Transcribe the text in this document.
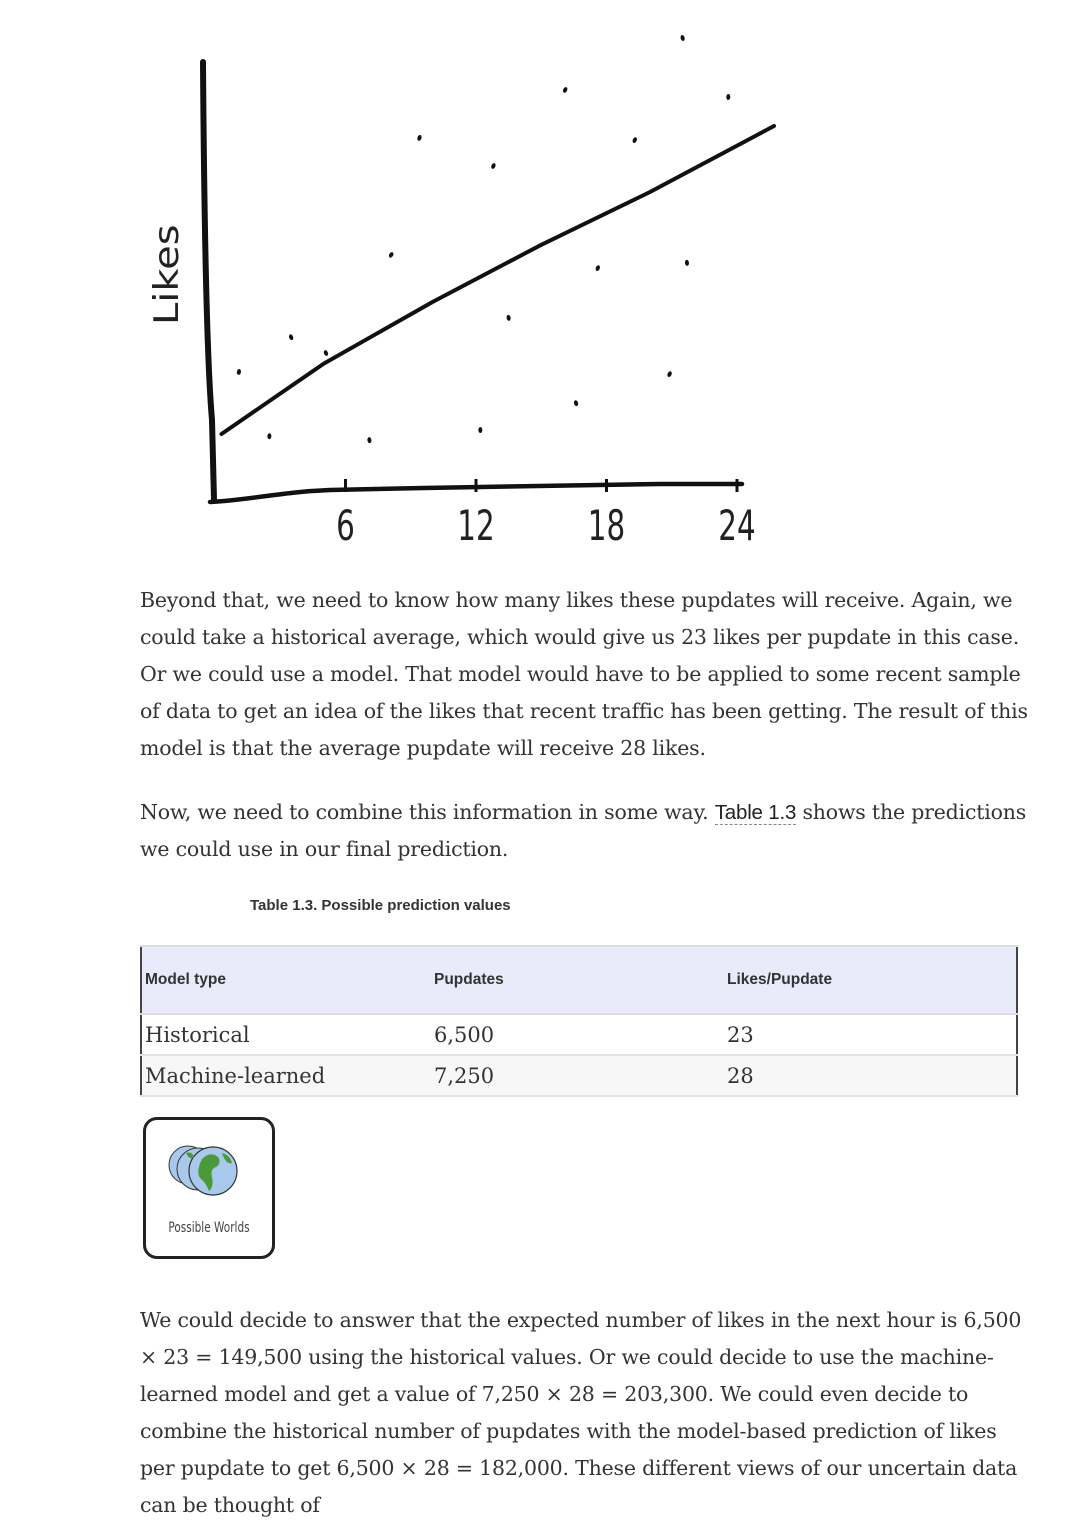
Likes
6 12 18 24

Beyond that, we need to know how many likes these pupdates will receive. Again, we could take a historical average, which would give us 23 likes per pupdate in this case. Or we could use a model. That model would have to be applied to some recent sample of data to get an idea of the likes that recent traffic has been getting. The result of this model is that the average pupdate will receive 28 likes.

Now, we need to combine this information in some way. Table 1.3 shows the predictions we could use in our final prediction.

Table 1.3. Possible prediction values
Model type	Pupdates	Likes/Pupdate
Historical	6,500	23
Machine-learned	7,250	28
Possible Worlds

We could decide to answer that the expected number of likes in the next hour is 6,500 × 23 = 149,500 using the historical values. Or we could decide to use the machine-learned model and get a value of 7,250 × 28 = 203,300. We could even decide to combine the historical number of pupdates with the model-based prediction of likes per pupdate to get 6,500 × 28 = 182,000. These different views of our uncertain data can be thought of
